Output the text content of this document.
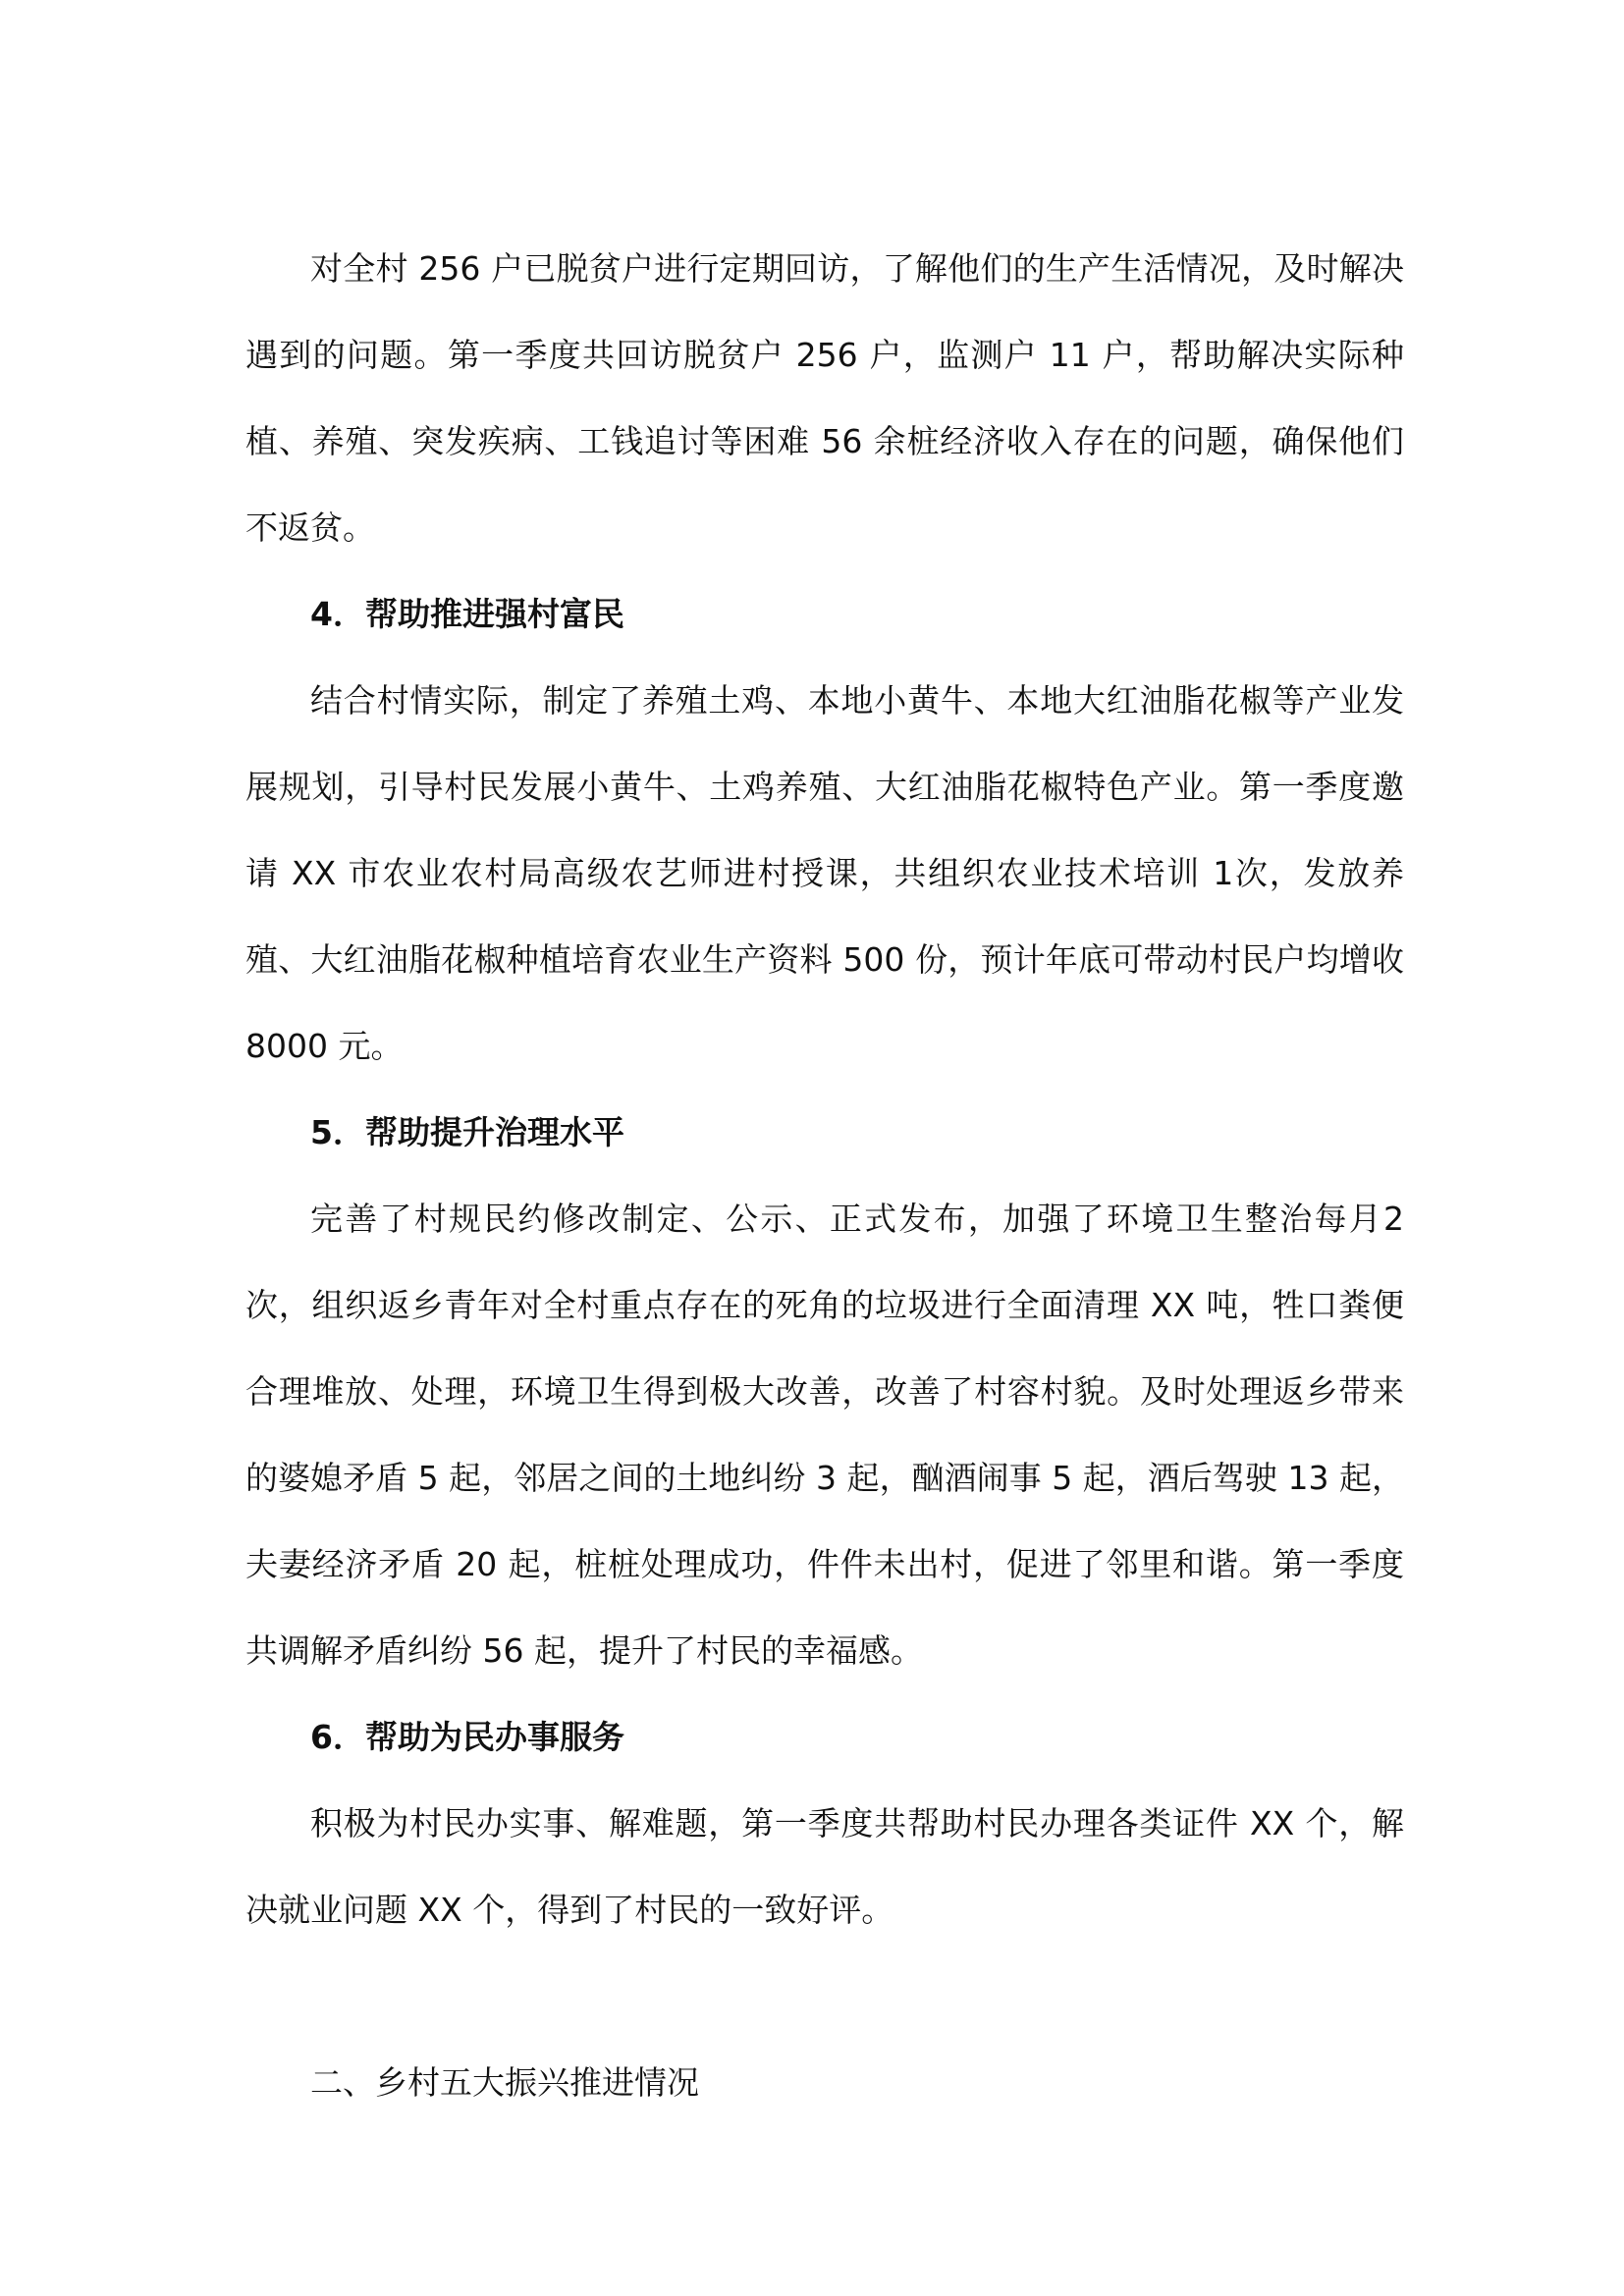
对全村 256 户已脱贫户进行定期回访，了解他们的生产生活情况，及时解决遇到的问题。第一季度共回访脱贫户 256 户，监测户 11 户，帮助解决实际种植、养殖、突发疾病、工钱追讨等困难 56 余桩经济收入存在的问题，确保他们不返贫。

4．帮助推进强村富民

结合村情实际，制定了养殖土鸡、本地小黄牛、本地大红油脂花椒等产业发展规划，引导村民发展小黄牛、土鸡养殖、大红油脂花椒特色产业。第一季度邀请 XX 市农业农村局高级农艺师进村授课，共组织农业技术培训 1次，发放养殖、大红油脂花椒种植培育农业生产资料 500 份，预计年底可带动村民户均增收 8000 元。

5．帮助提升治理水平

完善了村规民约修改制定、公示、正式发布，加强了环境卫生整治每月2 次，组织返乡青年对全村重点存在的死角的垃圾进行全面清理 XX 吨，牲口粪便合理堆放、处理，环境卫生得到极大改善，改善了村容村貌。及时处理返乡带来的婆媳矛盾 5 起，邻居之间的土地纠纷 3 起，酗酒闹事 5 起，酒后驾驶 13 起，夫妻经济矛盾 20 起，桩桩处理成功，件件未出村，促进了邻里和谐。第一季度共调解矛盾纠纷 56 起，提升了村民的幸福感。

6．帮助为民办事服务

积极为村民办实事、解难题，第一季度共帮助村民办理各类证件 XX 个，解决就业问题 XX 个，得到了村民的一致好评。

二、乡村五大振兴推进情况
